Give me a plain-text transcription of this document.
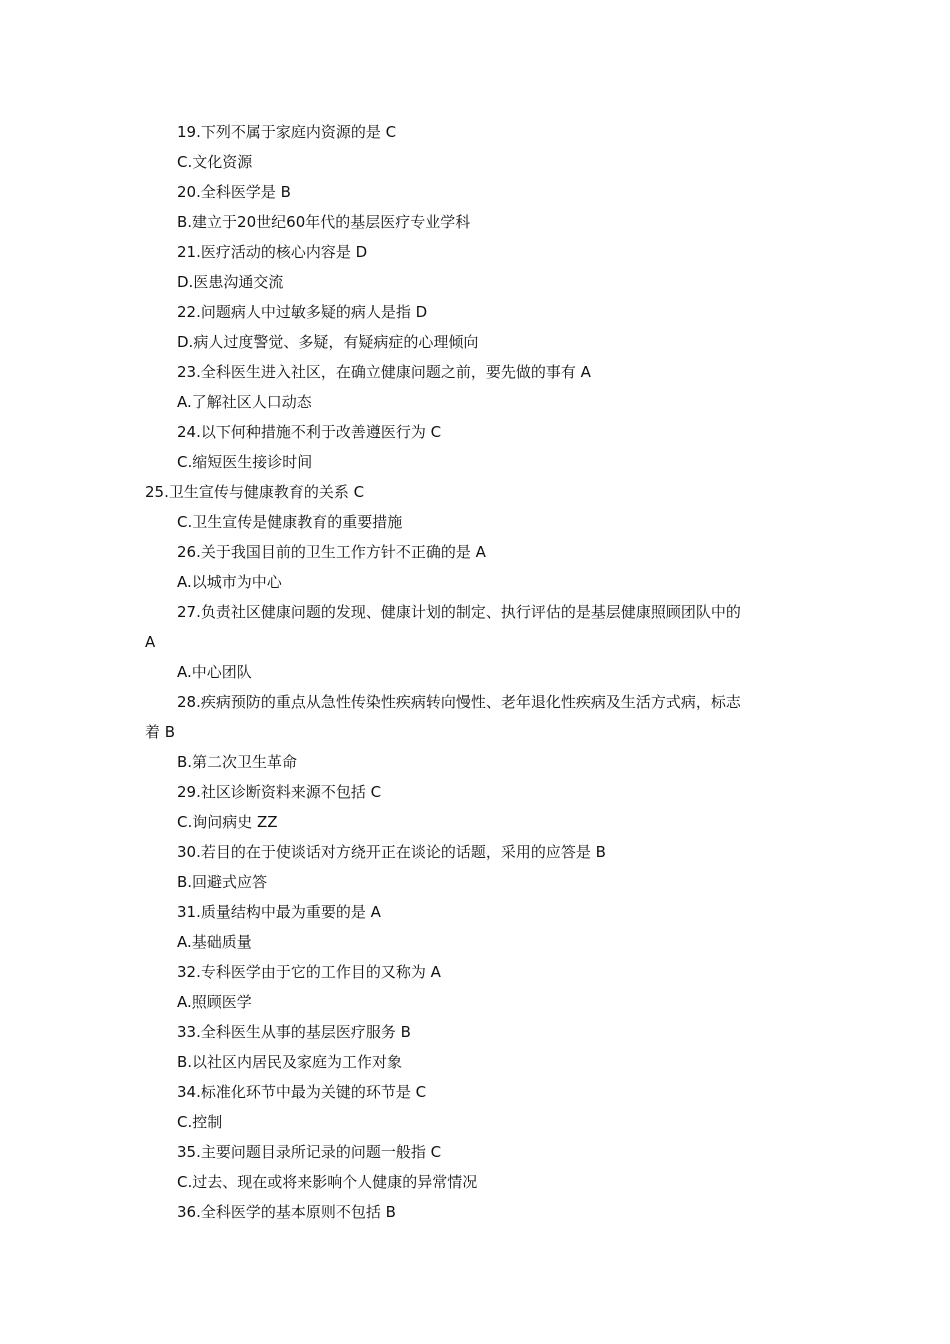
19.下列不属于家庭内资源的是 C
C.文化资源
20.全科医学是 B
B.建立于20世纪60年代的基层医疗专业学科
21.医疗活动的核心内容是 D
D.医患沟通交流
22.问题病人中过敏多疑的病人是指 D
D.病人过度警觉、多疑，有疑病症的心理倾向
23.全科医生进入社区，在确立健康问题之前，要先做的事有 A
A.了解社区人口动态
24.以下何种措施不利于改善遵医行为 C
C.缩短医生接诊时间
25.卫生宣传与健康教育的关系 C
C.卫生宣传是健康教育的重要措施
26.关于我国目前的卫生工作方针不正确的是 A
A.以城市为中心
27.负责社区健康问题的发现、健康计划的制定、执行评估的是基层健康照顾团队中的
A
A.中心团队
28.疾病预防的重点从急性传染性疾病转向慢性、老年退化性疾病及生活方式病，标志
着 B
B.第二次卫生革命
29.社区诊断资料来源不包括 C
C.询问病史 ZZ
30.若目的在于使谈话对方绕开正在谈论的话题，采用的应答是 B
B.回避式应答
31.质量结构中最为重要的是 A
A.基础质量
32.专科医学由于它的工作目的又称为 A
A.照顾医学
33.全科医生从事的基层医疗服务 B
B.以社区内居民及家庭为工作对象
34.标准化环节中最为关键的环节是 C
C.控制
35.主要问题目录所记录的问题一般指 C
C.过去、现在或将来影响个人健康的异常情况
36.全科医学的基本原则不包括 B
